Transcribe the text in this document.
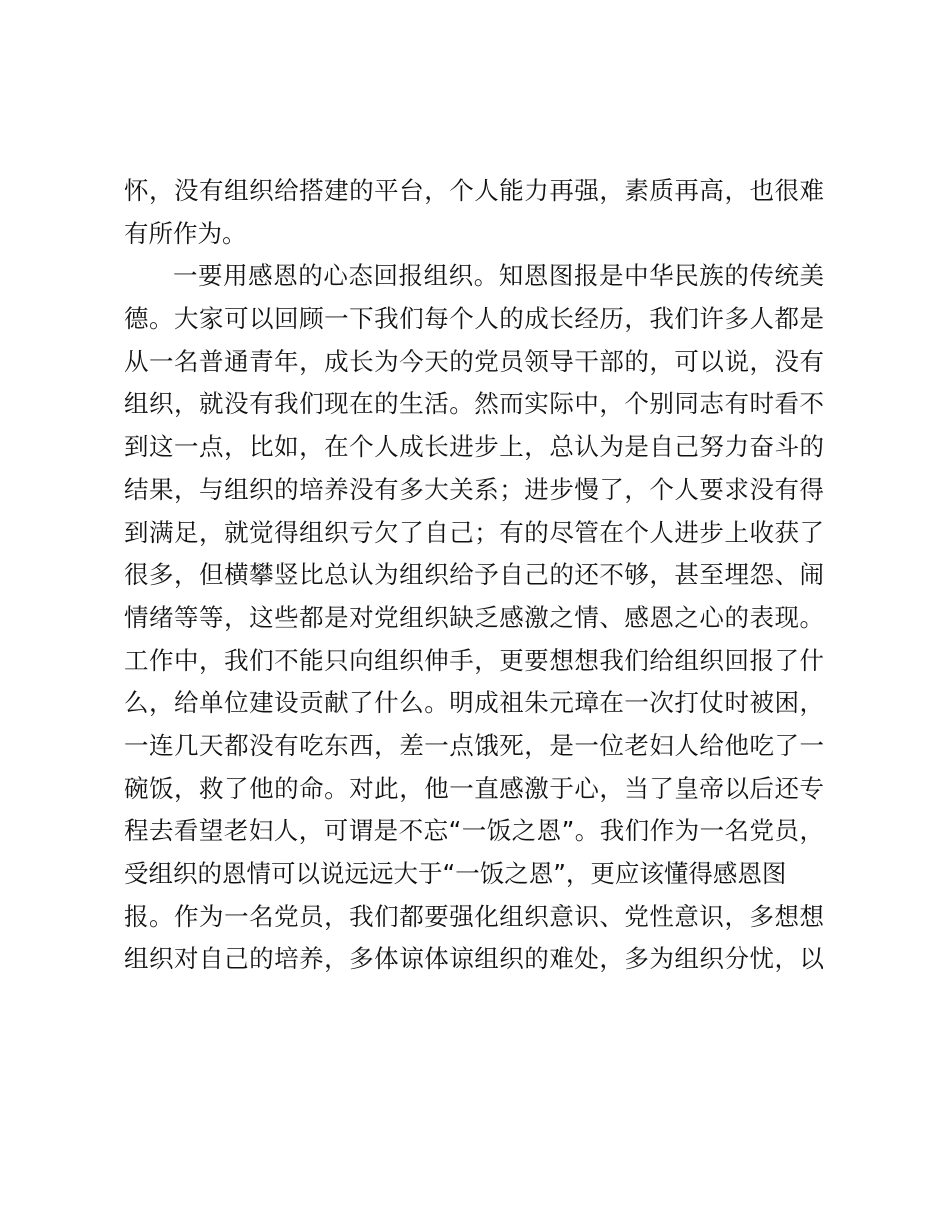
怀，没有组织给搭建的平台，个人能力再强，素质再高，也很难
有所作为。
一要用感恩的心态回报组织。知恩图报是中华民族的传统美
德。大家可以回顾一下我们每个人的成长经历，我们许多人都是
从一名普通青年，成长为今天的党员领导干部的，可以说，没有
组织，就没有我们现在的生活。然而实际中，个别同志有时看不
到这一点，比如，在个人成长进步上，总认为是自己努力奋斗的
结果，与组织的培养没有多大关系；进步慢了，个人要求没有得
到满足，就觉得组织亏欠了自己；有的尽管在个人进步上收获了
很多，但横攀竖比总认为组织给予自己的还不够，甚至埋怨、闹
情绪等等，这些都是对党组织缺乏感激之情、感恩之心的表现。
工作中，我们不能只向组织伸手，更要想想我们给组织回报了什
么，给单位建设贡献了什么。明成祖朱元璋在一次打仗时被困，
一连几天都没有吃东西，差一点饿死，是一位老妇人给他吃了一
碗饭，救了他的命。对此，他一直感激于心，当了皇帝以后还专
程去看望老妇人，可谓是不忘“一饭之恩”。我们作为一名党员，
受组织的恩情可以说远远大于“一饭之恩”，更应该懂得感恩图
报。作为一名党员，我们都要强化组织意识、党性意识，多想想
组织对自己的培养，多体谅体谅组织的难处，多为组织分忧，以
